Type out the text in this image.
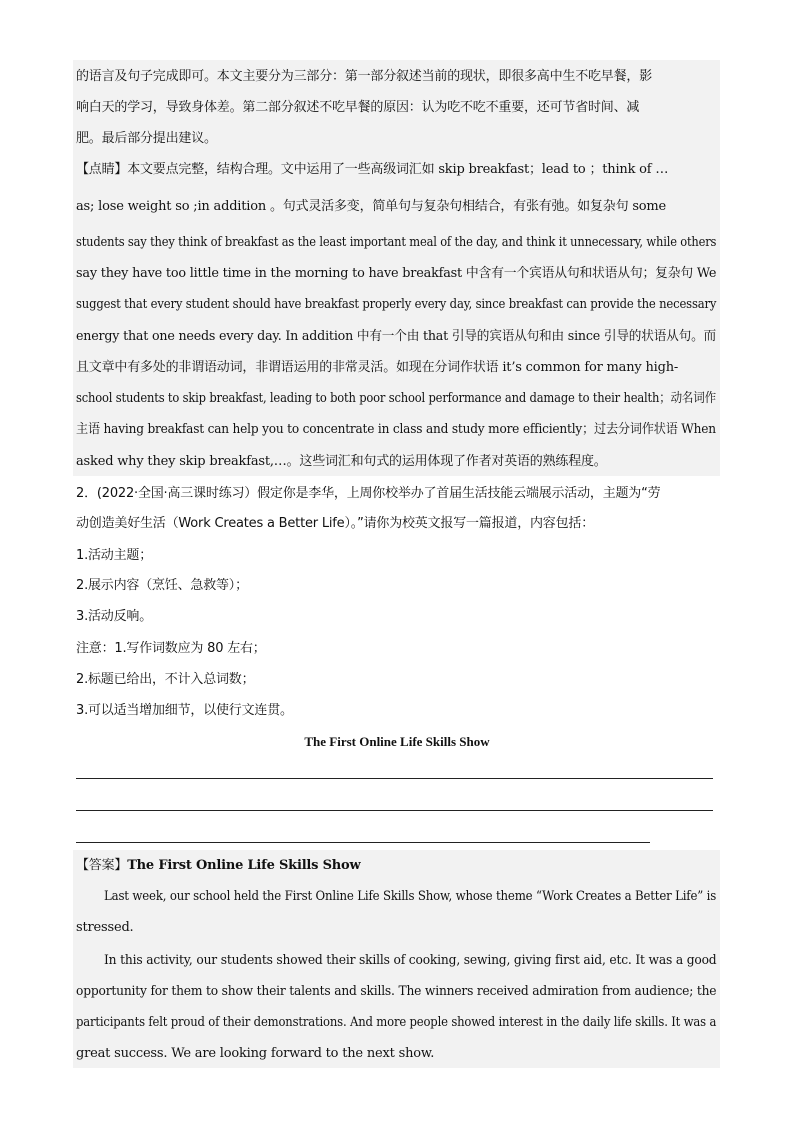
的语言及句子完成即可。本文主要分为三部分：第一部分叙述当前的现状，即很多高中生不吃早餐，影
响白天的学习，导致身体差。第二部分叙述不吃早餐的原因：认为吃不吃不重要，还可节省时间、减
肥。最后部分提出建议。
【点睛】本文要点完整，结构合理。文中运用了一些高级词汇如 skip breakfast；lead to ；think of …
as; lose weight so ;in addition 。句式灵活多变，简单句与复杂句相结合，有张有弛。如复杂句 some
students say they think of breakfast as the least important meal of the day, and think it unnecessary, while others
say they have too little time in the morning to have breakfast 中含有一个宾语从句和状语从句；复杂句 We
suggest that every student should have breakfast properly every day, since breakfast can provide the necessary
energy that one needs every day. In addition 中有一个由 that 引导的宾语从句和由 since 引导的状语从句。而
且文章中有多处的非谓语动词，非谓语运用的非常灵活。如现在分词作状语 it’s common for many high-
school students to skip breakfast, leading to both poor school performance and damage to their health；动名词作
主语 having breakfast can help you to concentrate in class and study more efficiently；过去分词作状语 When
asked why they skip breakfast,…。这些词汇和句式的运用体现了作者对英语的熟练程度。
2．(2022·全国·高三课时练习）假定你是李华，上周你校举办了首届生活技能云端展示活动，主题为“劳
动创造美好生活（Work Creates a Better Life）。”请你为校英文报写一篇报道，内容包括：
1.活动主题；
2.展示内容（烹饪、急救等）；
3.活动反响。
注意：1.写作词数应为 80 左右；
2.标题已给出，不计入总词数；
3.可以适当增加细节，以使行文连贯。
The First Online Life Skills Show
【答案】The First Online Life Skills Show
Last week, our school held the First Online Life Skills Show, whose theme “Work Creates a Better Life” is
stressed.
In this activity, our students showed their skills of cooking, sewing, giving first aid, etc. It was a good
opportunity for them to show their talents and skills. The winners received admiration from audience; the
participants felt proud of their demonstrations. And more people showed interest in the daily life skills. It was a
great success. We are looking forward to the next show.
